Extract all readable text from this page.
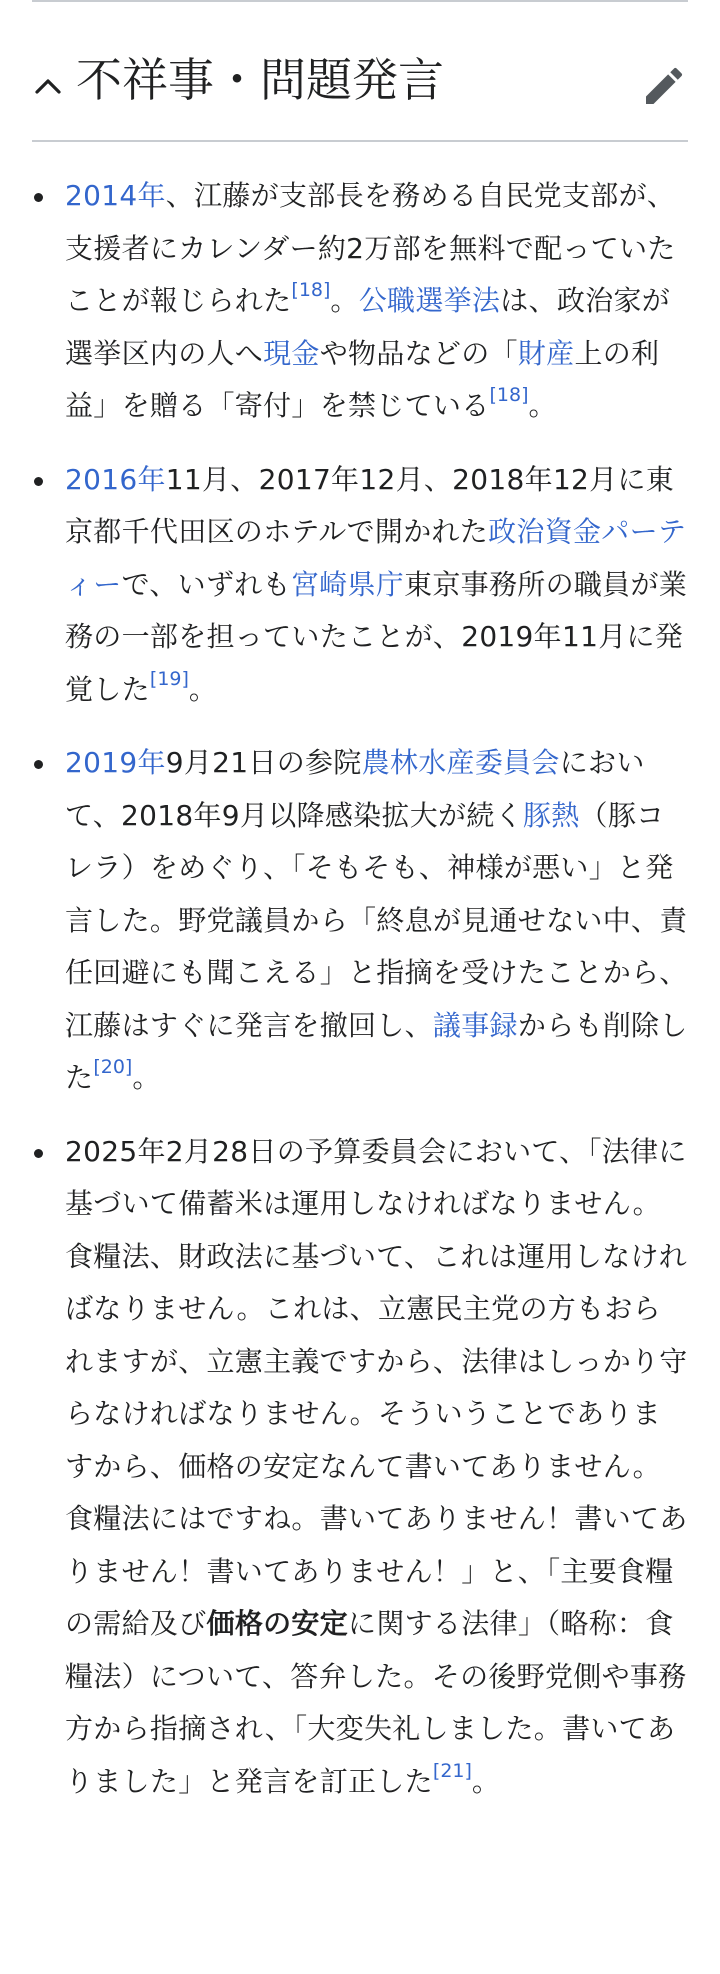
不祥事・問題発言
2014年、江藤が支部長を務める自民党支部が、支援者にカレンダー約2万部を無料で配っていたことが報じられた[18]。公職選挙法は、政治家が選挙区内の人へ現金や物品などの「財産上の利益」を贈る「寄付」を禁じている[18]。
2016年11月、2017年12月、2018年12月に東京都千代田区のホテルで開かれた政治資金パーティーで、いずれも宮崎県庁東京事務所の職員が業務の一部を担っていたことが、2019年11月に発覚した[19]。
2019年9月21日の参院農林水産委員会において、2018年9月以降感染拡大が続く豚熱（豚コレラ）をめぐり、「そもそも、神様が悪い」と発言した。野党議員から「終息が見通せない中、責任回避にも聞こえる」と指摘を受けたことから、江藤はすぐに発言を撤回し、議事録からも削除した[20]。
2025年2月28日の予算委員会において、「法律に基づいて備蓄米は運用しなければなりません。食糧法、財政法に基づいて、これは運用しなければなりません。これは、立憲民主党の方もおられますが、立憲主義ですから、法律はしっかり守らなければなりません。そういうことでありますから、価格の安定なんて書いてありません。食糧法にはですね。書いてありません！書いてありません！書いてありません！」と、「主要食糧の需給及び価格の安定に関する法律」（略称：食糧法）について、答弁した。その後野党側や事務方から指摘され、「大変失礼しました。書いてありました」と発言を訂正した[21]。
